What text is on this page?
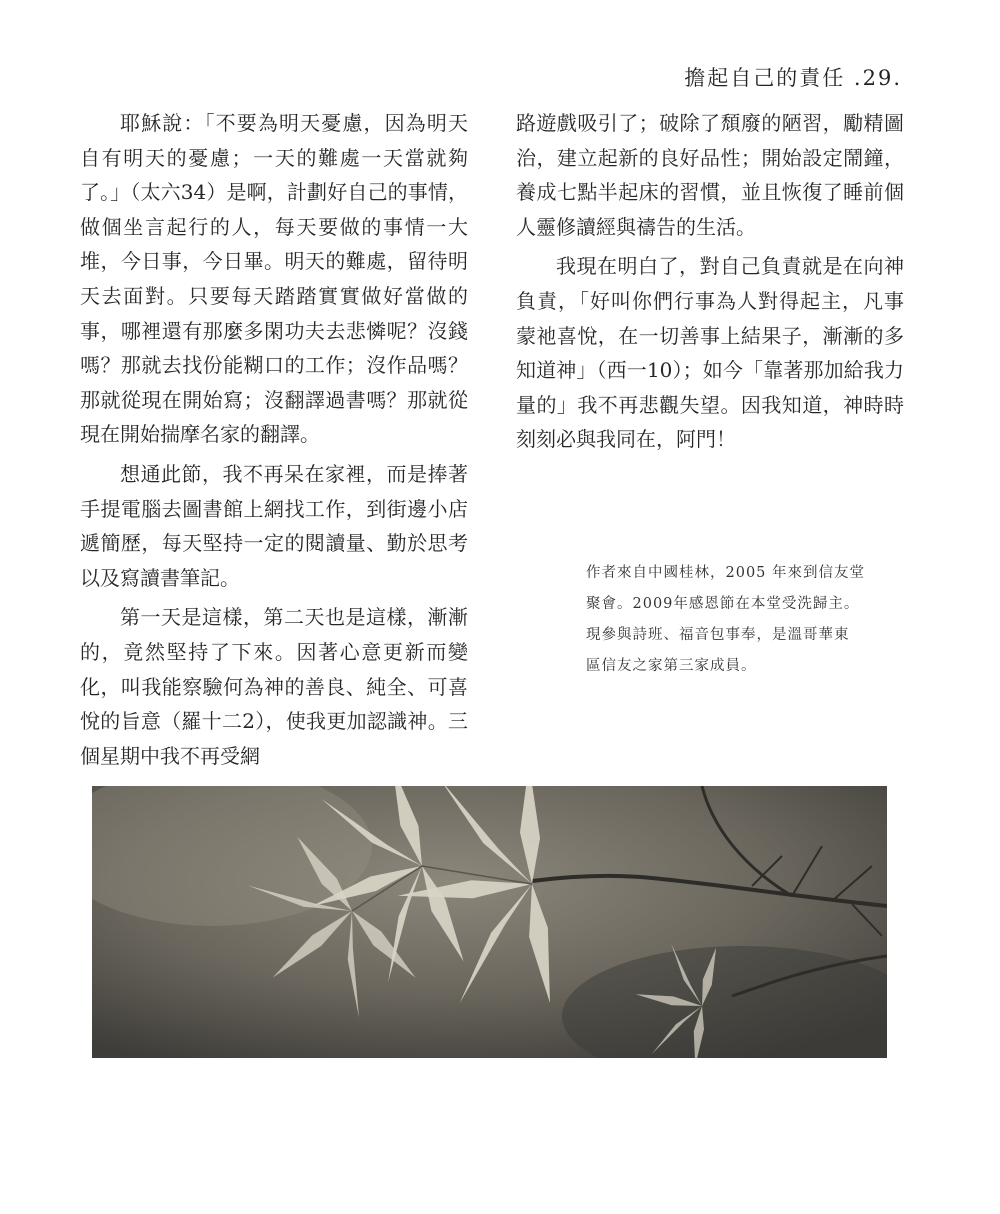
擔起自己的責任 .29.

耶穌說：「不要為明天憂慮，因為明天自有明天的憂慮；一天的難處一天當就夠了。」（太六34）是啊，計劃好自己的事情，做個坐言起行的人，每天要做的事情一大堆，今日事，今日畢。明天的難處，留待明天去面對。只要每天踏踏實實做好當做的事，哪裡還有那麼多閑功夫去悲憐呢？沒錢嗎？那就去找份能糊口的工作；沒作品嗎？那就從現在開始寫；沒翻譯過書嗎？那就從現在開始揣摩名家的翻譯。

想通此節，我不再呆在家裡，而是捧著手提電腦去圖書館上網找工作，到街邊小店遞簡歷，每天堅持一定的閱讀量、勤於思考以及寫讀書筆記。

第一天是這樣，第二天也是這樣，漸漸的，竟然堅持了下來。因著心意更新而變化，叫我能察驗何為神的善良、純全、可喜悅的旨意（羅十二2），使我更加認識神。三個星期中我不再受網

路遊戲吸引了；破除了頹廢的陋習，勵精圖治，建立起新的良好品性；開始設定鬧鐘，養成七點半起床的習慣，並且恢復了睡前個人靈修讀經與禱告的生活。

我現在明白了，對自己負責就是在向神負責，「好叫你們行事為人對得起主，凡事蒙祂喜悅，在一切善事上結果子，漸漸的多知道神」（西一10）；如今「靠著那加給我力量的」我不再悲觀失望。因我知道，神時時刻刻必與我同在，阿門！

作者來自中國桂林，2005 年來到信友堂
聚會。2009年感恩節在本堂受洗歸主。
現參與詩班、福音包事奉，是溫哥華東
區信友之家第三家成員。
